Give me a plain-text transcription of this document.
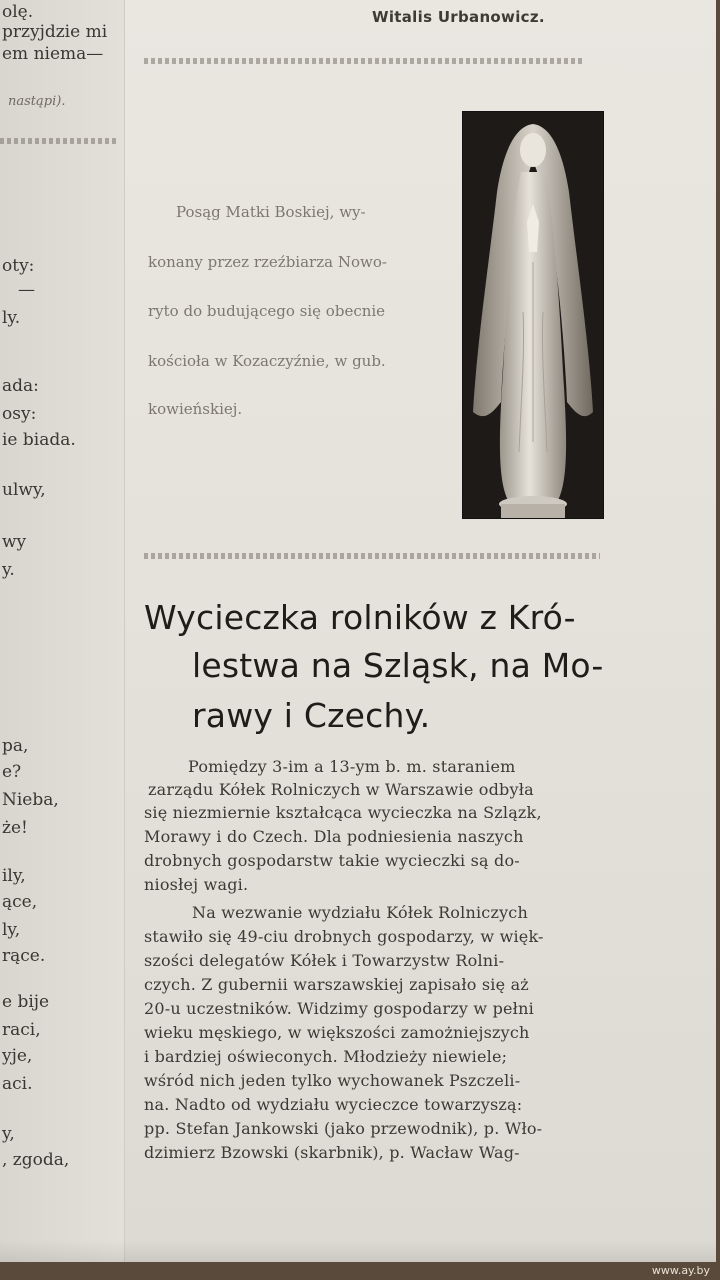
olę.
przyjdzie mi
em niema—
nastąpi).
oty:
—
ly.
ada:
osy:
ie biada.
ulwy,
wy
y.
pa,
e?
Nieba,
że!
ily,
ące,
ly,
rące.
e bije
raci,
yje,
aci.
y,
, zgoda,
Witalis Urbanowicz.
Posąg Matki Boskiej, wy-
konany przez rzeźbiarza Nowo-
ryto do budującego się obecnie
kościoła w Kozaczyźnie, w gub.
kowieńskiej.
Wycieczka rolników z Kró-
lestwa na Szląsk, na Mo-
rawy i Czechy.
Pomiędzy 3-im a 13-ym b. m. staraniem
zarządu Kółek Rolniczych w Warszawie odbyła
się niezmiernie kształcąca wycieczka na Szlązk,
Morawy i do Czech. Dla podniesienia naszych
drobnych gospodarstw takie wycieczki są do-
niosłej wagi.
Na wezwanie wydziału Kółek Rolniczych
stawiło się 49-ciu drobnych gospodarzy, w więk-
szości delegatów Kółek i Towarzystw Rolni-
czych. Z gubernii warszawskiej zapisało się aż
20-u uczestników. Widzimy gospodarzy w pełni
wieku męskiego, w większości zamożniejszych
i bardziej oświeconych. Młodzieży niewiele;
wśród nich jeden tylko wychowanek Pszczeli-
na. Nadto od wydziału wycieczce towarzyszą:
pp. Stefan Jankowski (jako przewodnik), p. Wło-
dzimierz Bzowski (skarbnik), p. Wacław Wag-
www.ay.by
